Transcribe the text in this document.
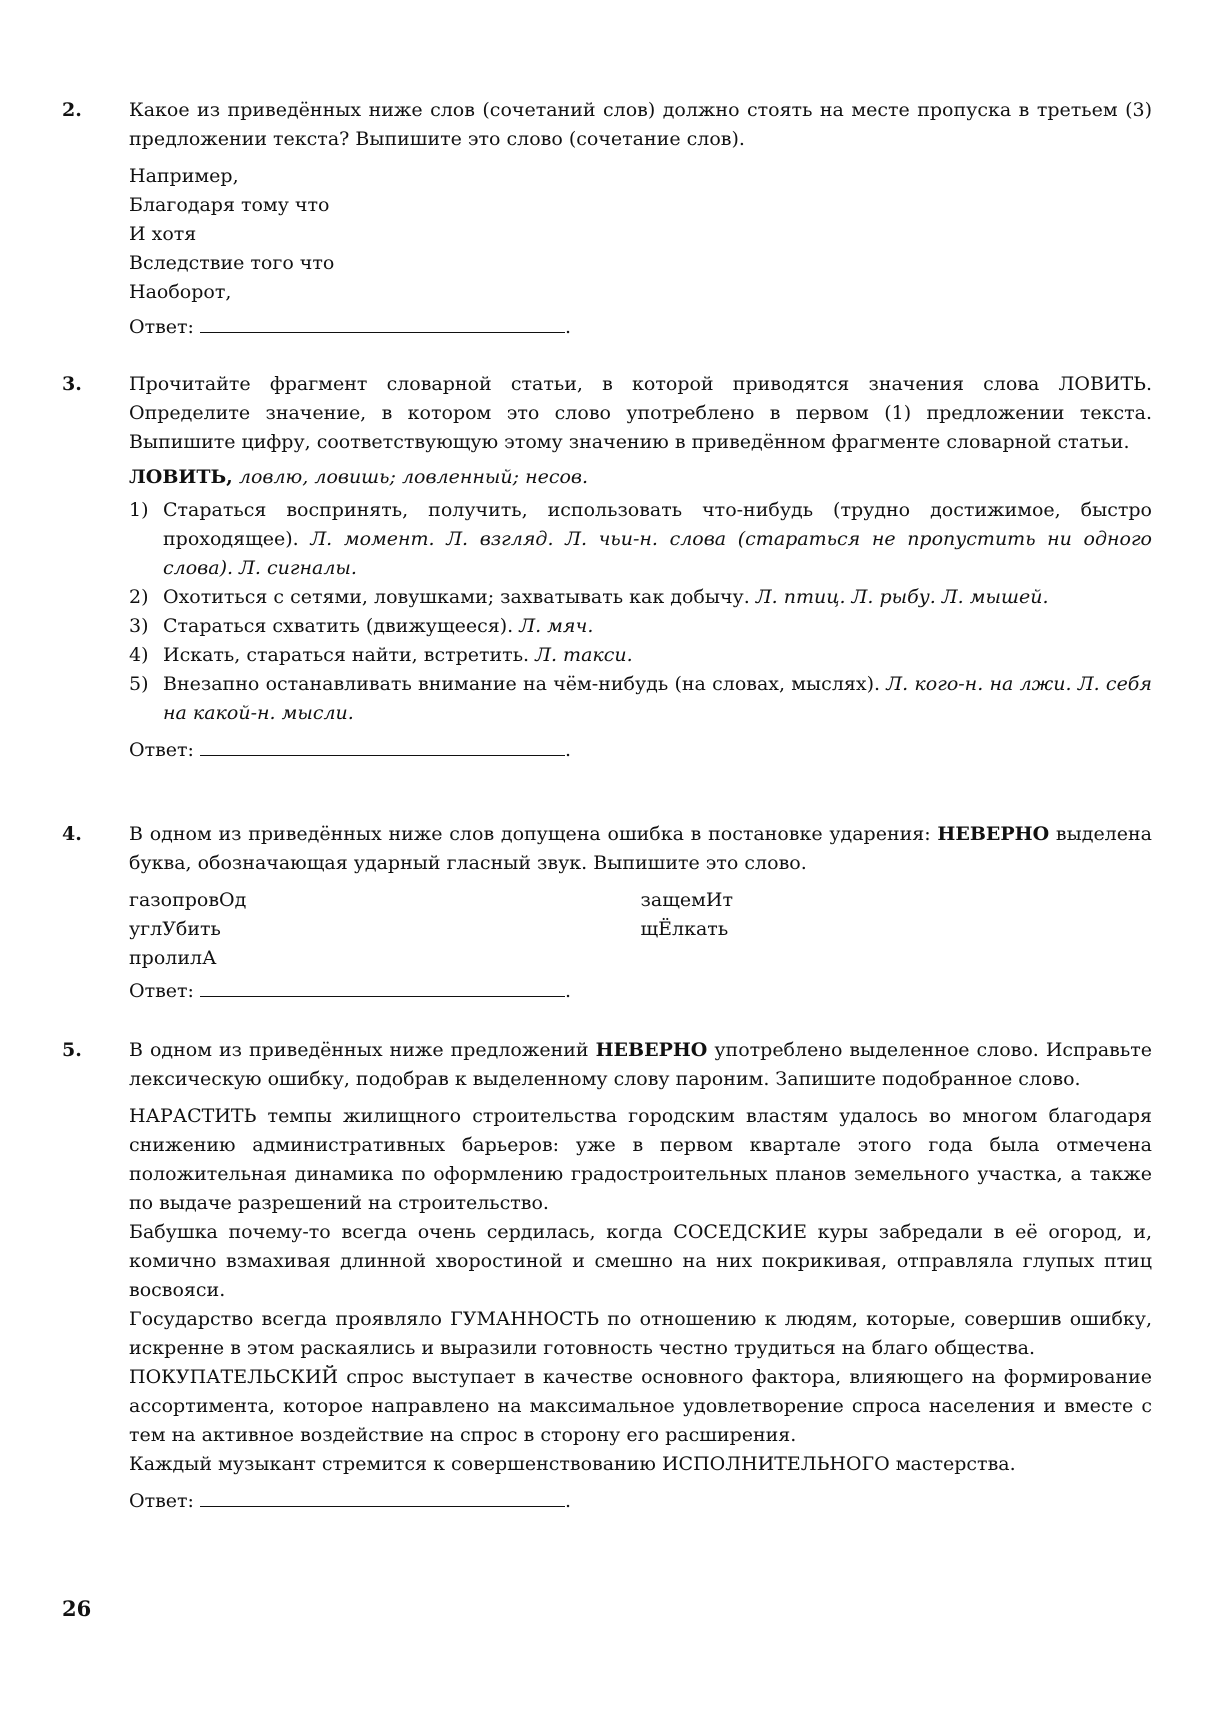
2.	Какое из приведённых ниже слов (сочетаний слов) должно стоять на месте пропуска в третьем (3) предложении текста? Выпишите это слово (сочетание слов).

Например,
Благодаря тому что
И хотя
Вследствие того что
Наоборот,
Ответ:	.
3.	Прочитайте фрагмент словарной статьи, в которой приводятся значения слова ЛОВИТЬ. Определите значение, в котором это слово употреблено в первом (1) предложении текста. Выпишите цифру, соответствующую этому значению в приведённом фрагменте словарной статьи.

ЛОВИТЬ, ловлю, ловишь; ловленный; несов.
1) Стараться воспринять, получить, использовать что-нибудь (трудно достижимое, быстро проходящее). Л. момент. Л. взгляд. Л. чьи-н. слова (стараться не пропустить ни одного слова). Л. сигналы.
2) Охотиться с сетями, ловушками; захватывать как добычу. Л. птиц. Л. рыбу. Л. мышей.
3) Стараться схватить (движущееся). Л. мяч.
4) Искать, стараться найти, встретить. Л. такси.
5) Внезапно останавливать внимание на чём-нибудь (на словах, мыслях). Л. кого-н. на лжи. Л. себя на какой-н. мысли.
Ответ:	.
4.	В одном из приведённых ниже слов допущена ошибка в постановке ударения: НЕВЕРНО выделена буква, обозначающая ударный гласный звук. Выпишите это слово.

газопровОд
углУбить
пролилА
защемИт
щЁлкать
Ответ:	.
5.	В одном из приведённых ниже предложений НЕВЕРНО употреблено выделенное слово. Исправьте лексическую ошибку, подобрав к выделенному слову пароним. Запишите подобранное слово.

НАРАСТИТЬ темпы жилищного строительства городским властям удалось во многом благодаря снижению административных барьеров: уже в первом квартале этого года была отмечена положительная динамика по оформлению градостроительных планов земельного участка, а также по выдаче разрешений на строительство.

Бабушка почему-то всегда очень сердилась, когда СОСЕДСКИЕ куры забредали в её огород, и, комично взмахивая длинной хворостиной и смешно на них покрикивая, отправляла глупых птиц восвояси.

Государство всегда проявляло ГУМАННОСТЬ по отношению к людям, которые, совершив ошибку, искренне в этом раскаялись и выразили готовность честно трудиться на благо общества.

ПОКУПАТЕЛЬСКИЙ спрос выступает в качестве основного фактора, влияющего на формирование ассортимента, которое направлено на максимальное удовлетворение спроса населения и вместе с тем на активное воздействие на спрос в сторону его расширения.

Каждый музыкант стремится к совершенствованию ИСПОЛНИТЕЛЬНОГО мастерства.

Ответ:	.
26
